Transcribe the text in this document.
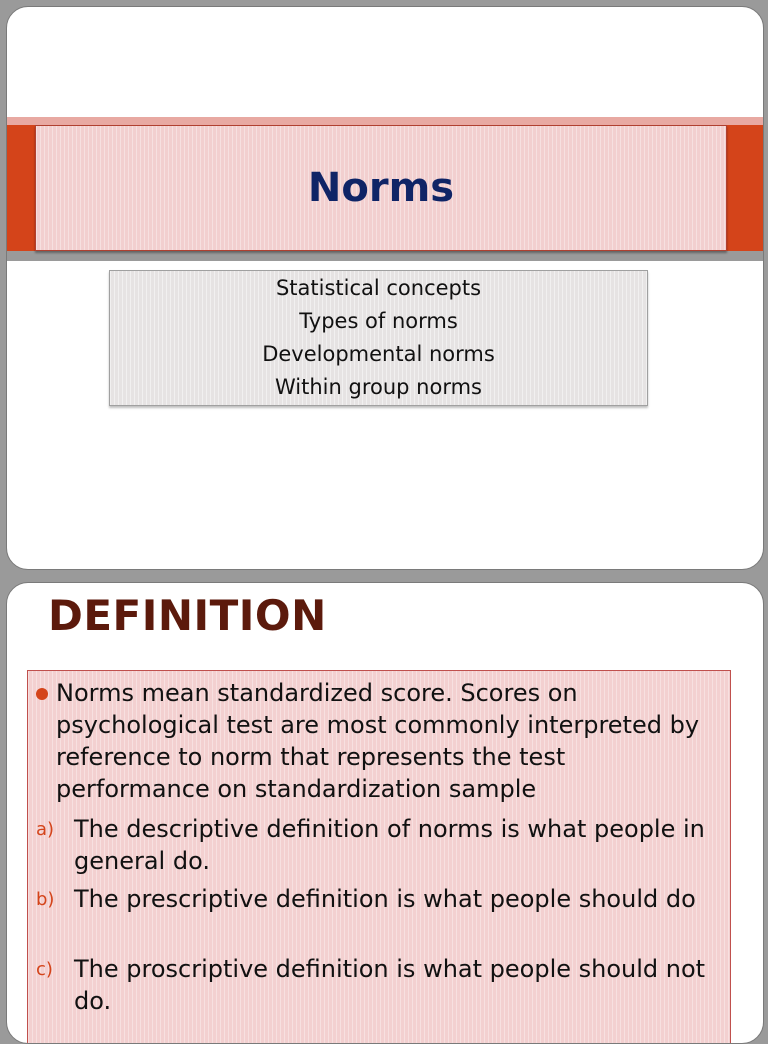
Norms
Statistical concepts
Types of norms
Developmental norms
Within group norms
DEFINITION
Norms mean standardized score. Scores on psychological test are most commonly interpreted by reference to norm that represents the test performance on standardization sample
a) The descriptive definition of norms is what people in general do.
b) The prescriptive definition is what people should do
c) The proscriptive definition is what people should not do.
